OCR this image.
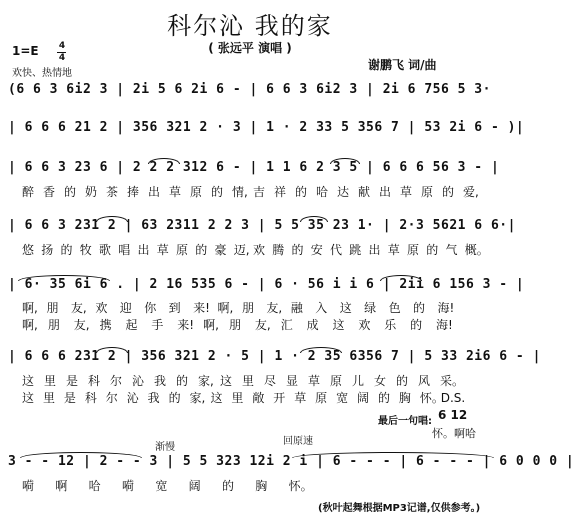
科尔沁 我的家
( 张远平 演唱 )
1=E 4
4
欢快、热情地
谢鹏飞 词/曲
(6 6 3 6i2 3 | 2i 5 6 2i 6 - | 6 6 3 6i2 3 | 2i 6 756 5 3·
| 6 6 6 21 2 | 356 321 2 · 3 | 1 · 2 33 5 356 7 | 53 2i 6 - )|
| 6 6 3 23 6 | 2 2 2 312 6 - | 1 1 6 2 3 5 | 6 6 6 56 3 - |
醉 香 的 奶 茶 捧 出 草 原 的 情, 吉 祥 的 哈 达 献 出 草 原 的 爱,
| 6 6 3 231 2 | 63 2311 2 2 3 | 5 5 35 23 1· | 2·3 5621 6 6·|
悠 扬 的 牧 歌 唱 出 草 原 的 豪 迈, 欢 腾 的 安 代 跳 出 草 原 的 气 概。
| 6· 35 6i 6 . | 2 16 535 6 - | 6 · 56 i i 6 | 2ii 6 156 3 - |
啊, 朋 友, 欢 迎 你 到 来! 啊, 朋 友, 融 入 这 绿 色 的 海!
啊, 朋 友, 携 起 手 来! 啊, 朋 友, 汇 成 这 欢 乐 的 海!
| 6 6 6 231 2 | 356 321 2 · 5 | 1 · 2 35 6356 7 | 5 33 2i6 6 - |
这 里 是 科 尔 沁 我 的 家, 这 里 尽 显 草 原 儿 女 的 风 采。
这 里 是 科 尔 沁 我 的 家, 这 里 敞 开 草 原 宽 阔 的 胸 怀。D.S.
最后一句唱: 6 12
怀。啊哈
渐慢
回原速
3 - - 12 | 2 - - 3 | 5 5 323 12i 2 i | 6 - - - | 6 - - - | 6 0 0 0 |
嗬 啊 哈 嗬 宽 阔 的 胸 怀。
(秋叶起舞根据MP3记谱,仅供参考。)
